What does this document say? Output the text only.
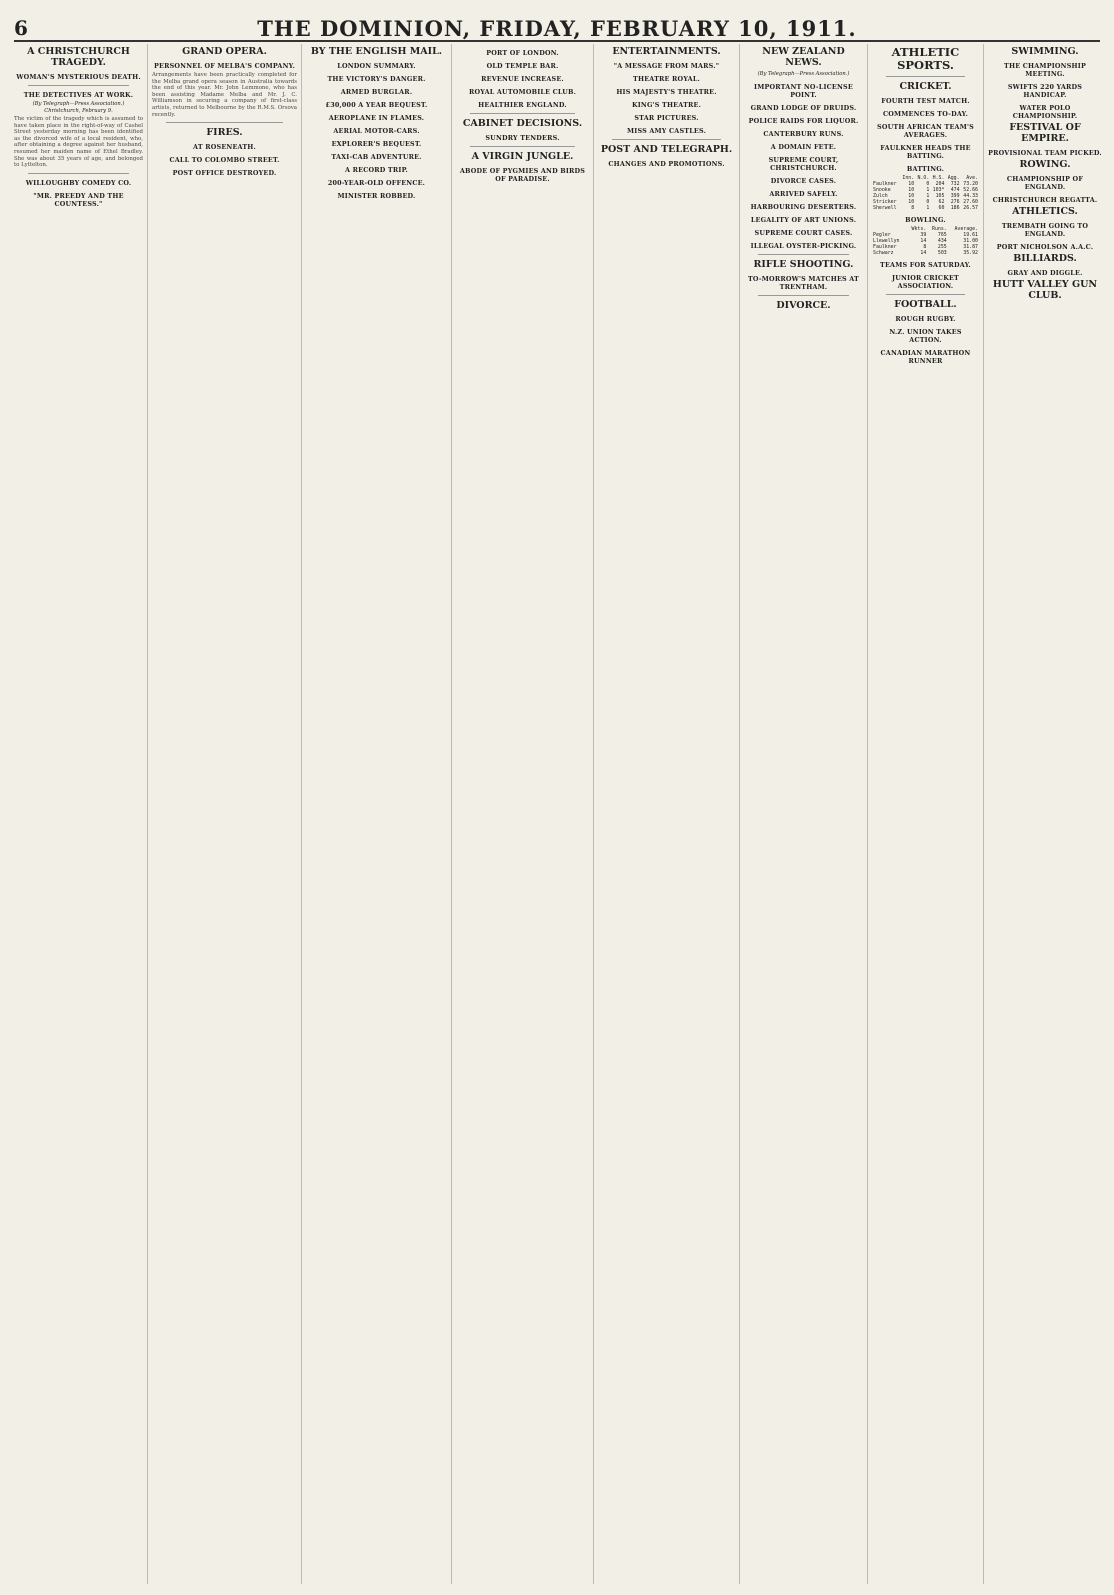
6	THE DOMINION, FRIDAY, FEBRUARY 10, 1911.
A CHRISTCHURCH TRAGEDY.
WOMAN'S MYSTERIOUS DEATH.
THE DETECTIVES AT WORK.
(By Telegraph—Press Association.) Christchurch, February 9.
The victim of the tragedy which is assumed to have taken place in the right-of-way of Cashel Street yesterday morning has been identified as the divorced wife of a local resident, who, after obtaining a degree against her husband, resumed her maiden name of Ethel Bradley. She was about 35 years of age, and belonged to Lyttelton.
WILLOUGHBY COMEDY CO.
"MR. PREEDY AND THE COUNTESS."
GRAND OPERA.
PERSONNEL OF MELBA'S COMPANY.
Arrangements have been practically completed for the Melba grand opera season in Australia towards the end of this year. Mr. John Lemmone, who has been assisting Madame Melba and Mr. J. C. Williamson in securing a company of first-class artists, returned to Melbourne by the R.M.S. Orsova recently.
FIRES.
AT ROSENEATH.
CALL TO COLOMBO STREET.
POST OFFICE DESTROYED.
BY THE ENGLISH MAIL.
LONDON SUMMARY.
THE VICTORY'S DANGER.
ARMED BURGLAR.
£30,000 A YEAR BEQUEST.
AEROPLANE IN FLAMES.
AERIAL MOTOR-CARS.
EXPLORER'S BEQUEST.
TAXI-CAB ADVENTURE.
A RECORD TRIP.
200-YEAR-OLD OFFENCE.
MINISTER ROBBED.
PORT OF LONDON.
OLD TEMPLE BAR.
REVENUE INCREASE.
ROYAL AUTOMOBILE CLUB.
HEALTHIER ENGLAND.
CABINET DECISIONS.
SUNDRY TENDERS.
A VIRGIN JUNGLE.
ABODE OF PYGMIES AND BIRDS OF PARADISE.
ENTERTAINMENTS.
"A MESSAGE FROM MARS."
THEATRE ROYAL.
HIS MAJESTY'S THEATRE.
KING'S THEATRE.
STAR PICTURES.
MISS AMY CASTLES.
POST AND TELEGRAPH.
CHANGES AND PROMOTIONS.
NEW ZEALAND NEWS.
(By Telegraph—Press Association.)
IMPORTANT NO-LICENSE POINT.
GRAND LODGE OF DRUIDS.
POLICE RAIDS FOR LIQUOR.
CANTERBURY RUNS.
A DOMAIN FETE.
SUPREME COURT, CHRISTCHURCH.
DIVORCE CASES.
ARRIVED SAFELY.
HARBOURING DESERTERS.
LEGALITY OF ART UNIONS.
SUPREME COURT CASES.
ILLEGAL OYSTER-PICKING.
RIFLE SHOOTING.
TO-MORROW'S MATCHES AT TRENTHAM.
DIVORCE.
ATHLETIC SPORTS.
CRICKET.
FOURTH TEST MATCH.
COMMENCES TO-DAY.
SOUTH AFRICAN TEAM'S AVERAGES.
FAULKNER HEADS THE BATTING.
BATTING.
	Inn.	N.O.	H.S.	Agg.	Ave.
Faulkner	10	0	204	732	73.20
Snooke	10	1	103*	474	52.66
Zulch	10	1	105	399	44.33
Stricker	10	0	62	276	27.60
Sherwell	8	1	60	186	26.57
BOWLING.
	Wkts.	Runs.	Average.
Pegler	39	765	19.61
Llewellyn	14	434	31.00
Faulkner	8	255	31.87
Schwarz	14	503	35.92
TEAMS FOR SATURDAY.
JUNIOR CRICKET ASSOCIATION.
FOOTBALL.
ROUGH RUGBY.
N.Z. UNION TAKES ACTION.
CANADIAN MARATHON RUNNER
SWIMMING.
THE CHAMPIONSHIP MEETING.
SWIFTS 220 YARDS HANDICAP.
WATER POLO CHAMPIONSHIP.
FESTIVAL OF EMPIRE.
PROVISIONAL TEAM PICKED.
ROWING.
CHAMPIONSHIP OF ENGLAND.
CHRISTCHURCH REGATTA.
ATHLETICS.
TREMBATH GOING TO ENGLAND.
PORT NICHOLSON A.A.C.
BILLIARDS.
GRAY AND DIGGLE.
HUTT VALLEY GUN CLUB.
